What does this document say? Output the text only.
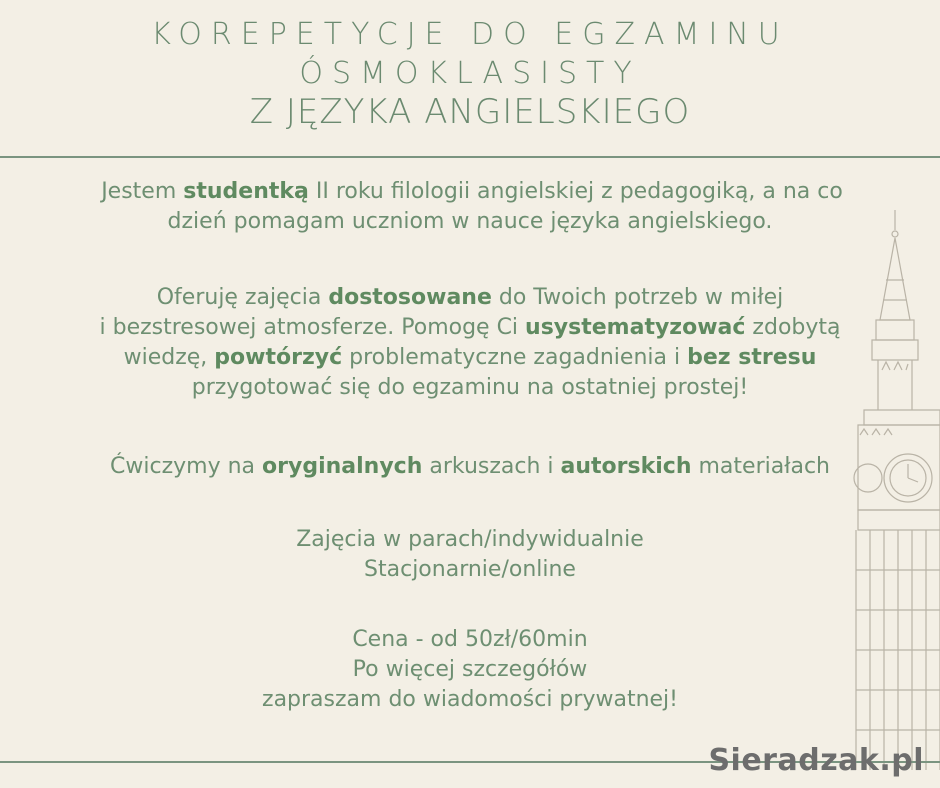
KOREPETYCJE DO EGZAMINU
ÓSMOKLASISTY
Z JĘZYKA ANGIELSKIEGO
Jestem studentką II roku filologii angielskiej z pedagogiką, a na co
dzień pomagam uczniom w nauce języka angielskiego.
Oferuję zajęcia dostosowane do Twoich potrzeb w miłej
i bezstresowej atmosferze. Pomogę Ci usystematyzować zdobytą
wiedzę, powtórzyć problematyczne zagadnienia i bez stresu
przygotować się do egzaminu na ostatniej prostej!
Ćwiczymy na oryginalnych arkuszach i autorskich materiałach
Zajęcia w parach/indywidualnie
Stacjonarnie/online
Cena - od 50zł/60min
Po więcej szczegółów
zapraszam do wiadomości prywatnej!
Sieradzak.pl
